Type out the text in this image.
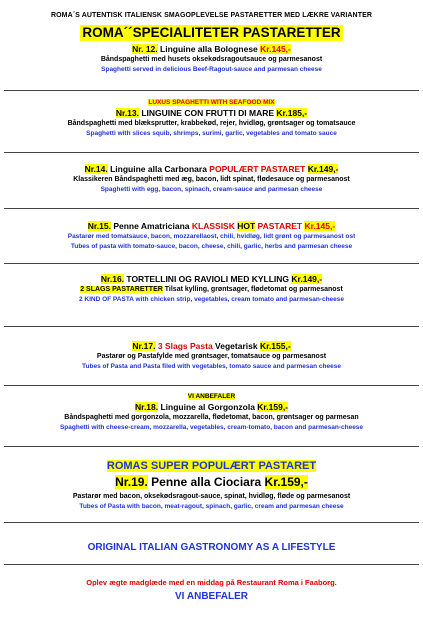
ROMA´S AUTENTISK ITALIENSK SMAGOPLEVELSE PASTARETTER MED LÆKRE VARIANTER
ROMA´´SPECIALITETER PASTARETTER
Nr. 12. Linguine alla Bolognese Kr.145,-
Båndspaghetti med husets oksekødsragoutsauce og parmesanost
Spaghetti served in delicious Beef-Ragout-sauce and parmesan cheese
LUXUS SPAGHETTI WITH SEAFOOD MIX
Nr.13. LINGUINE CON FRUTTI DI MARE Kr.185,-
Båndspaghetti med blæksprutter, krabbekød, rejer, hvidløg, grøntsager og tomatsauce
Spaghetti with slices squib, shrimps, surimi, garlic, vegetables and tomato sauce
Nr.14. Linguine alla Carbonara POPULÆRT PASTARET Kr.149,-
Klassikeren Båndspaghetti med æg, bacon, lidt spinat, flødesauce og parmesanost
Spaghetti with egg, bacon, spinach, cream-sauce and parmesan cheese
Nr.15. Penne Amatriciana KLASSISK HOT PASTARET Kr.145,-
Pastarør med tomatsauce, bacon, mozzarellaost, chili, hvidløg, lidt grønt og parmesanost ost
Tubes of pasta with tomato-sauce, bacon, cheese, chili, garlic, herbs and parmesan cheese
Nr.16. TORTELLINI OG RAVIOLI MED KYLLING Kr.149,-
2 SLAGS PASTARETTER Tilsat kylling, grøntsager, flødetomat og parmesanost
2 KIND OF PASTA with chicken strip, vegetables, cream tomato and parmesan-cheese
Nr.17. 3 Slags Pasta Vegetarisk Kr.155,-
Pastarør og Pastafylde med grøntsager, tomatsauce og parmesanost
Tubes of Pasta and Pasta filed with vegetables, tomato sauce and parmesan cheese
VI ANBEFALER
Nr.18. Linguine al Gorgonzola Kr.159,-
Båndspaghetti med gorgonzola, mozzarella, flødetomat, bacon, grøntsager og parmesan
Spaghetti with cheese-cream, mozzarella, vegetables, cream-tomato, bacon and parmesan-cheese
ROMAS SUPER POPULÆRT PASTARET
Nr.19. Penne alla Ciociara Kr.159,-
Pastarør med bacon, oksekødsragout-sauce, spinat, hvidløg, fløde og parmesanost
Tubes of Pasta with bacon, meat-ragout, spinach, garlic, cream and parmesan cheese
ORIGINAL ITALIAN GASTRONOMY AS A LIFESTYLE
Oplev ægte madglæde med en middag på Restaurant Roma i Faaborg.
VI ANBEFALER
